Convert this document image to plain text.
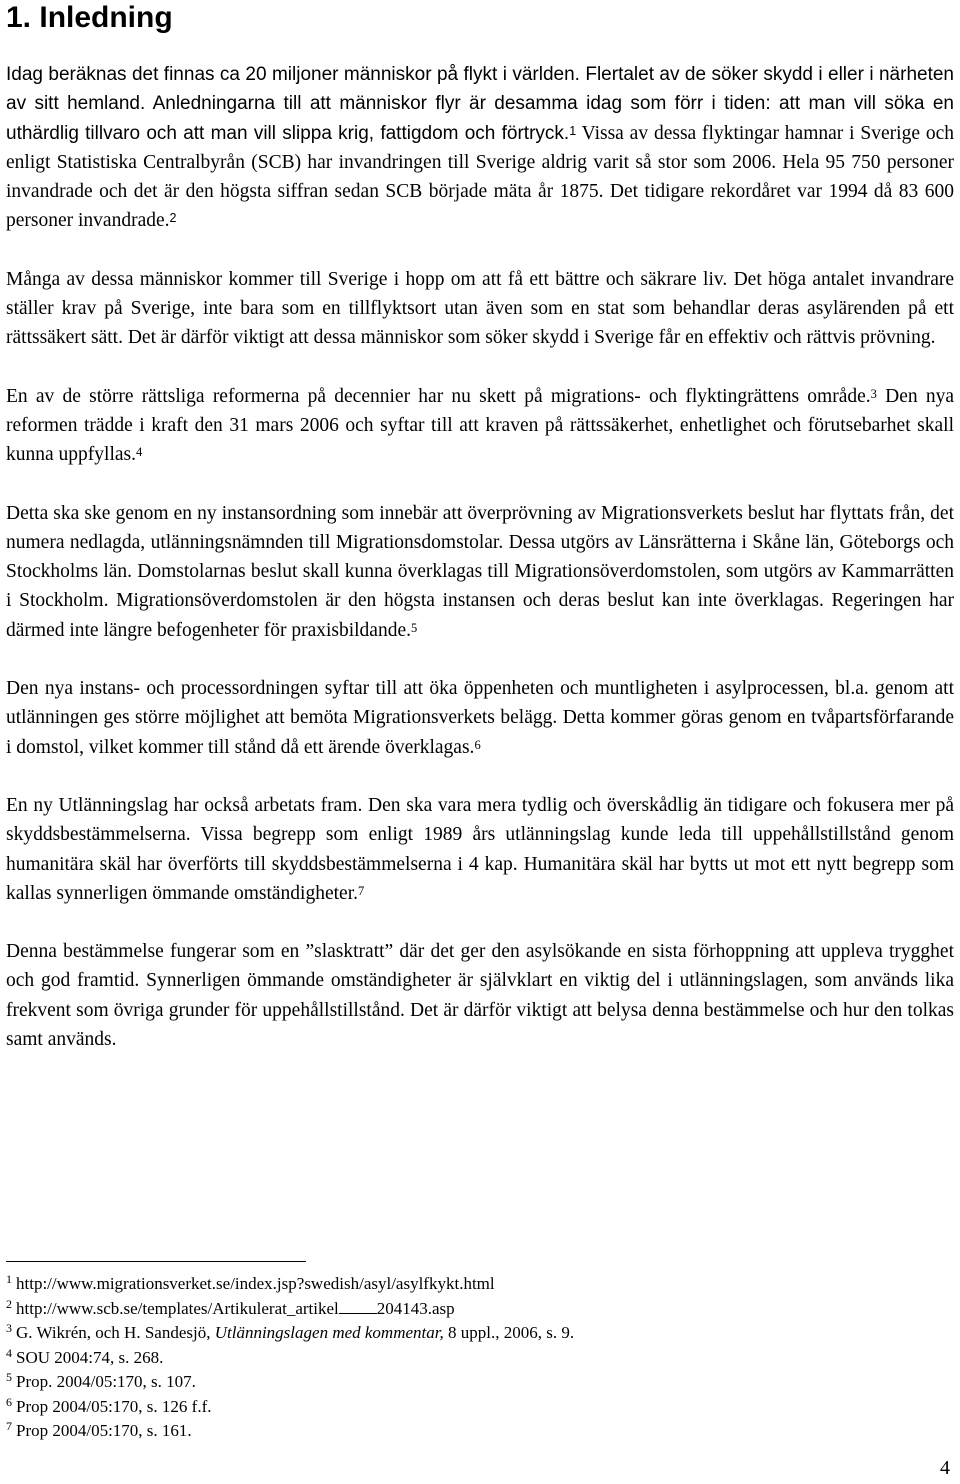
1. Inledning

Idag beräknas det finnas ca 20 miljoner människor på flykt i världen. Flertalet av de söker skydd i eller i närheten av sitt hemland. Anledningarna till att människor flyr är desamma idag som förr i tiden: att man vill söka en uthärdlig tillvaro och att man vill slippa krig, fattigdom och förtryck.$^1$ Vissa av dessa flyktingar hamnar i Sverige och enligt Statistiska Centralbyrån (SCB) har invandringen till Sverige aldrig varit så stor som 2006. Hela 95 750 personer invandrade och det är den högsta siffran sedan SCB började mäta år 1875. Det tidigare rekordåret var 1994 då 83 600 personer invandrade.$^2$

Många av dessa människor kommer till Sverige i hopp om att få ett bättre och säkrare liv. Det höga antalet invandrare ställer krav på Sverige, inte bara som en tillflyktsort utan även som en stat som behandlar deras asylärenden på ett rättssäkert sätt. Det är därför viktigt att dessa människor som söker skydd i Sverige får en effektiv och rättvis prövning.

En av de större rättsliga reformerna på decennier har nu skett på migrations- och flyktingrättens område.$^3$ Den nya reformen trädde i kraft den 31 mars 2006 och syftar till att kraven på rättssäkerhet, enhetlighet och förutsebarhet skall kunna uppfyllas.$^4$

Detta ska ske genom en ny instansordning som innebär att överprövning av Migrationsverkets beslut har flyttats från, det numera nedlagda, utlänningsnämnden till Migrationsdomstolar. Dessa utgörs av Länsrätterna i Skåne län, Göteborgs och Stockholms län. Domstolarnas beslut skall kunna överklagas till Migrationsöverdomstolen, som utgörs av Kammarrätten i Stockholm. Migrationsöverdomstolen är den högsta instansen och deras beslut kan inte överklagas. Regeringen har därmed inte längre befogenheter för praxisbildande.$^5$

Den nya instans- och processordningen syftar till att öka öppenheten och muntligheten i asylprocessen, bl.a. genom att utlänningen ges större möjlighet att bemöta Migrationsverkets belägg. Detta kommer göras genom en tvåpartsförfarande i domstol, vilket kommer till stånd då ett ärende överklagas.$^6$

En ny Utlänningslag har också arbetats fram. Den ska vara mera tydlig och överskådlig än tidigare och fokusera mer på skyddsbestämmelserna. Vissa begrepp som enligt 1989 års utlänningslag kunde leda till uppehållstillstånd genom humanitära skäl har överförts till skyddsbestämmelserna i 4 kap. Humanitära skäl har bytts ut mot ett nytt begrepp som kallas synnerligen ömmande omständigheter.$^7$

Denna bestämmelse fungerar som en ”slasktratt” där det ger den asylsökande en sista förhoppning att uppleva trygghet och god framtid. Synnerligen ömmande omständigheter är självklart en viktig del i utlänningslagen, som används lika frekvent som övriga grunder för uppehållstillstånd. Det är därför viktigt att belysa denna bestämmelse och hur den tolkas samt används.

$^1$ http://www.migrationsverket.se/index.jsp?swedish/asyl/asylfkykt.html
$^2$ http://www.scb.se/templates/Artikulerat_artikel 204143.asp
$^3$ G. Wikrén, och H. Sandesjö, Utlänningslagen med kommentar, 8 uppl., 2006, s. 9.
$^4$ SOU 2004:74, s. 268.
$^5$ Prop. 2004/05:170, s. 107.
$^6$ Prop 2004/05:170, s. 126 f.f.
$^7$ Prop 2004/05:170, s. 161.
4
